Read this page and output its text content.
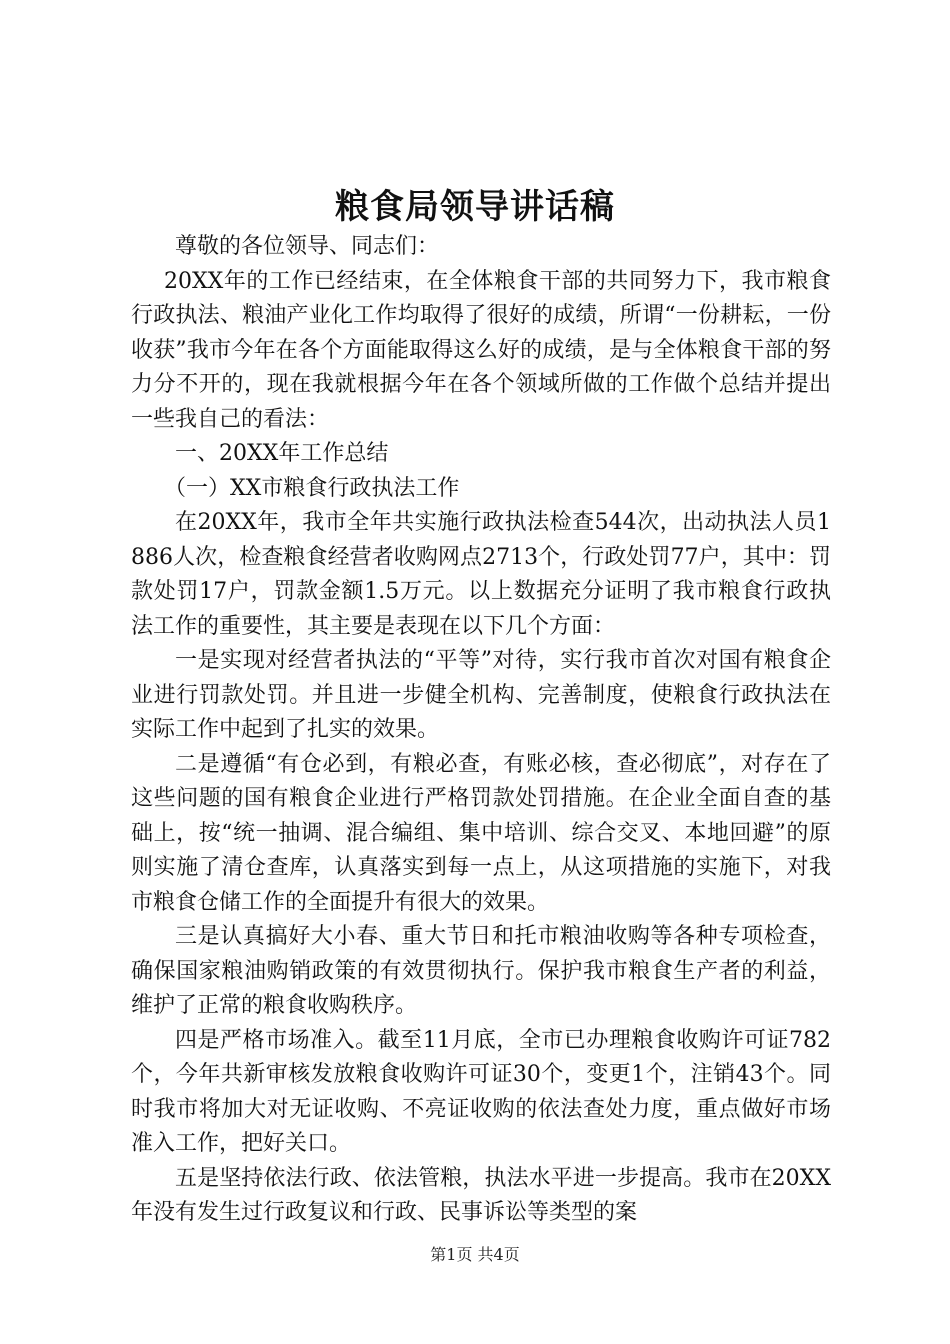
粮食局领导讲话稿

尊敬的各位领导、同志们：

20XX年的工作已经结束，在全体粮食干部的共同努力下，我市粮食行政执法、粮油产业化工作均取得了很好的成绩，所谓“一份耕耘，一份收获”我市今年在各个方面能取得这么好的成绩，是与全体粮食干部的努力分不开的，现在我就根据今年在各个领域所做的工作做个总结并提出一些我自己的看法：

一、20XX年工作总结

（一）XX市粮食行政执法工作

在20XX年，我市全年共实施行政执法检查544次，出动执法人员1886人次，检查粮食经营者收购网点2713个，行政处罚77户，其中：罚款处罚17户，罚款金额1.5万元。以上数据充分证明了我市粮食行政执法工作的重要性，其主要是表现在以下几个方面：

一是实现对经营者执法的“平等”对待，实行我市首次对国有粮食企业进行罚款处罚。并且进一步健全机构、完善制度，使粮食行政执法在实际工作中起到了扎实的效果。

二是遵循“有仓必到，有粮必查，有账必核，查必彻底”，对存在了这些问题的国有粮食企业进行严格罚款处罚措施。在企业全面自查的基础上，按“统一抽调、混合编组、集中培训、综合交叉、本地回避”的原则实施了清仓查库，认真落实到每一点上，从这项措施的实施下，对我市粮食仓储工作的全面提升有很大的效果。

三是认真搞好大小春、重大节日和托市粮油收购等各种专项检查，确保国家粮油购销政策的有效贯彻执行。保护我市粮食生产者的利益，维护了正常的粮食收购秩序。

四是严格市场准入。截至11月底，全市已办理粮食收购许可证782个，今年共新审核发放粮食收购许可证30个，变更1个，注销43个。同时我市将加大对无证收购、不亮证收购的依法查处力度，重点做好市场准入工作，把好关口。

五是坚持依法行政、依法管粮，执法水平进一步提高。我市在20XX年没有发生过行政复议和行政、民事诉讼等类型的案

第1页 共4页
